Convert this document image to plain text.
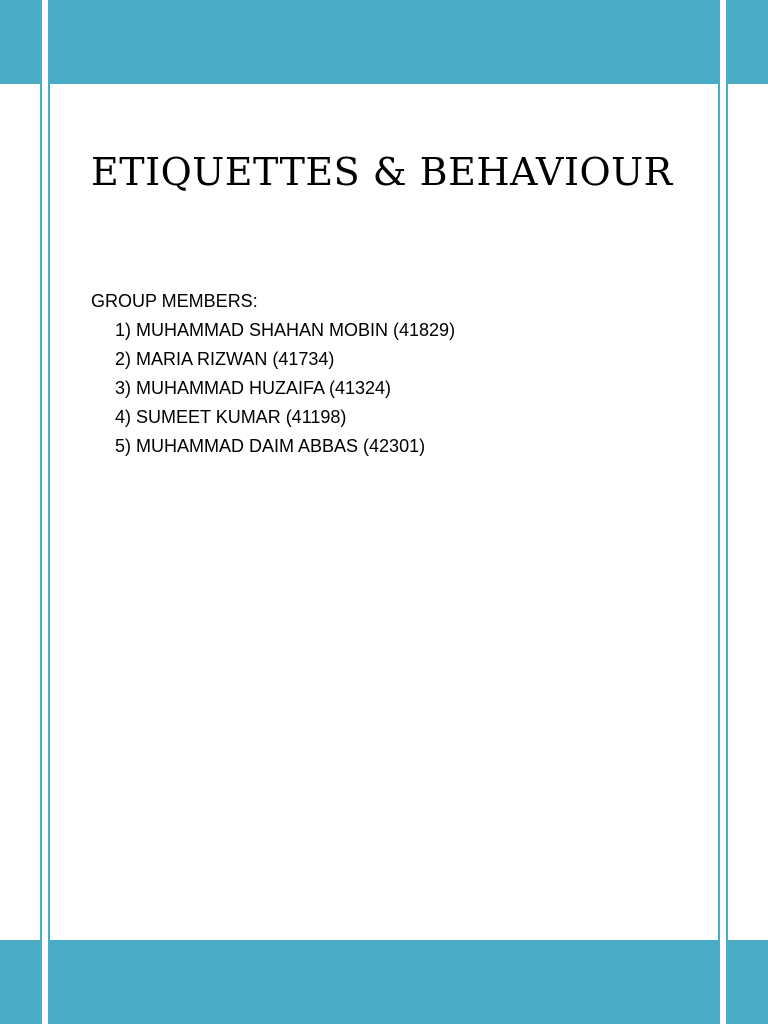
ETIQUETTES & BEHAVIOUR

GROUP MEMBERS:

1) MUHAMMAD SHAHAN MOBIN (41829)
2) MARIA RIZWAN (41734)
3) MUHAMMAD HUZAIFA (41324)
4) SUMEET KUMAR (41198)
5) MUHAMMAD DAIM ABBAS (42301)
